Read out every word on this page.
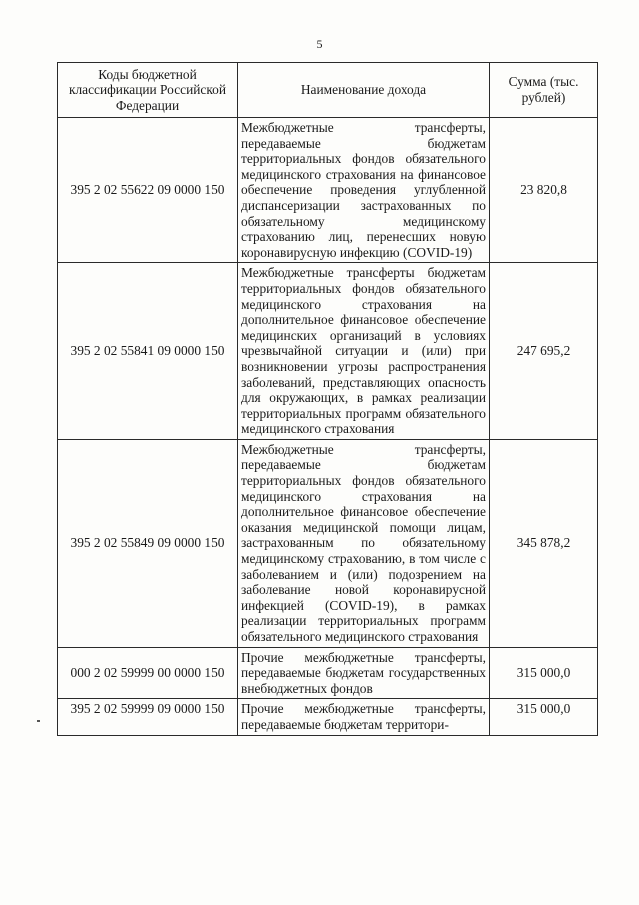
5
Коды бюджетной классификации Российской Федерации	Наименование дохода	Сумма (тыс. рублей)
395 2 02 55622 09 0000 150	Межбюджетные трансферты, передаваемые бюджетам территориальных фондов обязательного медицинского страхования на финансовое обеспечение проведения углубленной диспансеризации застрахованных по обязательному медицинскому страхованию лиц, перенесших новую коронавирусную инфекцию (COVID-19)	23 820,8
395 2 02 55841 09 0000 150	Межбюджетные трансферты бюджетам территориальных фондов обязательного медицинского страхования на дополнительное финансовое обеспечение медицинских организаций в условиях чрезвычайной ситуации и (или) при возникновении угрозы распространения заболеваний, представляющих опасность для окружающих, в рамках реализации территориальных программ обязательного медицинского страхования	247 695,2
395 2 02 55849 09 0000 150	Межбюджетные трансферты, передаваемые бюджетам территориальных фондов обязательного медицинского страхования на дополнительное финансовое обеспечение оказания медицинской помощи лицам, застрахованным по обязательному медицинскому страхованию, в том числе с заболеванием и (или) подозрением на заболевание новой коронавирусной инфекцией (COVID-19), в рамках реализации территориальных программ обязательного медицинского страхования	345 878,2
000 2 02 59999 00 0000 150	Прочие межбюджетные трансферты, передаваемые бюджетам государственных внебюджетных фондов	315 000,0
395 2 02 59999 09 0000 150	Прочие межбюджетные трансферты, передаваемые бюджетам территори-	315 000,0
